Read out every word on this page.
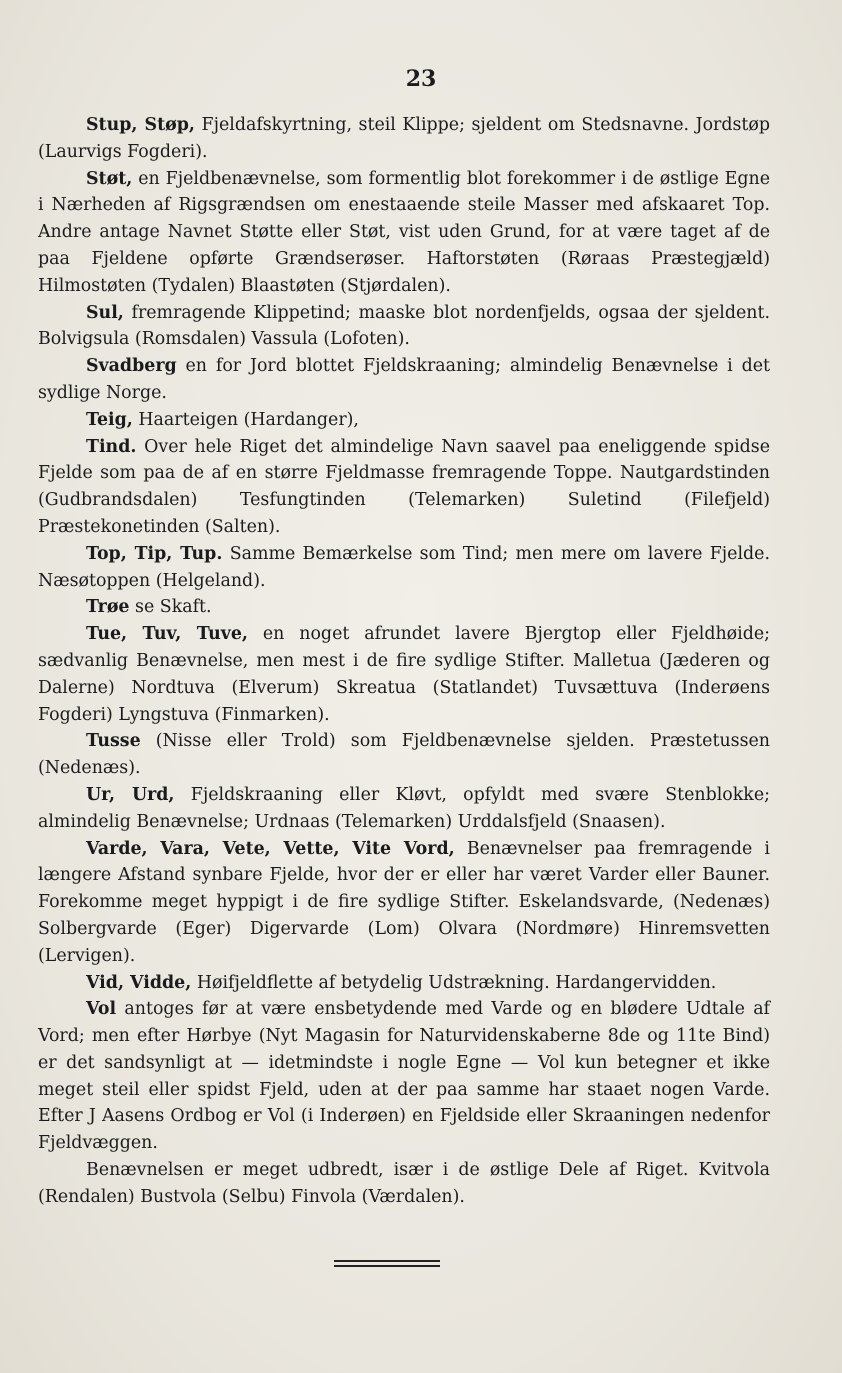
23

Stup, Støp, Fjeldafskyrtning, steil Klippe; sjeldent om Stedsnavne. Jordstøp (Laurvigs Fogderi).

Støt, en Fjeldbenævnelse, som formentlig blot forekommer i de østlige Egne i Nærheden af Rigsgrændsen om enestaaende steile Masser med afskaaret Top. Andre antage Navnet Støtte eller Støt, vist uden Grund, for at være taget af de paa Fjeldene opførte Grændserøser. Haftorstøten (Røraas Præstegjæld) Hilmostøten (Tydalen) Blaastøten (Stjørdalen).

Sul, fremragende Klippetind; maaske blot nordenfjelds, ogsaa der sjeldent. Bolvigsula (Romsdalen) Vassula (Lofoten).

Svadberg en for Jord blottet Fjeldskraaning; almindelig Benævnelse i det sydlige Norge.

Teig, Haarteigen (Hardanger),

Tind. Over hele Riget det almindelige Navn saavel paa eneliggende spidse Fjelde som paa de af en større Fjeldmasse fremragende Toppe. Nautgardstinden (Gudbrandsdalen) Tesfungtinden (Telemarken) Suletind (Filefjeld) Præstekonetinden (Salten).

Top, Tip, Tup. Samme Bemærkelse som Tind; men mere om lavere Fjelde. Næsøtoppen (Helgeland).

Trøe se Skaft.

Tue, Tuv, Tuve, en noget afrundet lavere Bjergtop eller Fjeldhøide; sædvanlig Benævnelse, men mest i de fire sydlige Stifter. Malletua (Jæderen og Dalerne) Nordtuva (Elverum) Skreatua (Statlandet) Tuvsættuva (Inderøens Fogderi) Lyngstuva (Finmarken).

Tusse (Nisse eller Trold) som Fjeldbenævnelse sjelden. Præstetussen (Nedenæs).

Ur, Urd, Fjeldskraaning eller Kløvt, opfyldt med svære Stenblokke; almindelig Benævnelse; Urdnaas (Telemarken) Urddalsfjeld (Snaasen).

Varde, Vara, Vete, Vette, Vite Vord, Benævnelser paa fremragende i længere Afstand synbare Fjelde, hvor der er eller har været Varder eller Bauner. Forekomme meget hyppigt i de fire sydlige Stifter. Eskelandsvarde, (Nedenæs) Solbergvarde (Eger) Digervarde (Lom) Olvara (Nordmøre) Hinremsvetten (Lervigen).

Vid, Vidde, Høifjeldflette af betydelig Udstrækning. Hardangervidden.

Vol antoges før at være ensbetydende med Varde og en blødere Udtale af Vord; men efter Hørbye (Nyt Magasin for Naturvidenskaberne 8de og 11te Bind) er det sandsynligt at — idetmindste i nogle Egne — Vol kun betegner et ikke meget steil eller spidst Fjeld, uden at der paa samme har staaet nogen Varde. Efter J Aasens Ordbog er Vol (i Inderøen) en Fjeldside eller Skraaningen nedenfor Fjeldvæggen.

Benævnelsen er meget udbredt, især i de østlige Dele af Riget. Kvitvola (Rendalen) Bustvola (Selbu) Finvola (Værdalen).
